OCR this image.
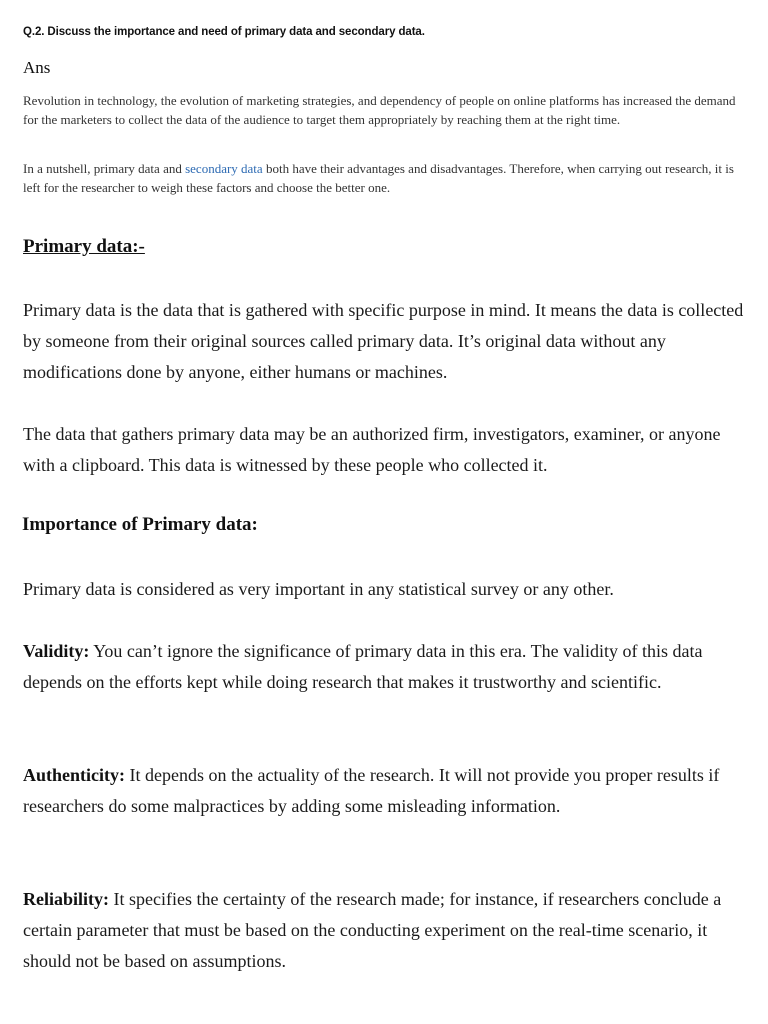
Q.2. Discuss the importance and need of primary data and secondary data.
Ans
Revolution in technology, the evolution of marketing strategies, and dependency of people on online platforms has increased the demand for the marketers to collect the data of the audience to target them appropriately by reaching them at the right time.
In a nutshell, primary data and secondary data both have their advantages and disadvantages. Therefore, when carrying out research, it is left for the researcher to weigh these factors and choose the better one.
Primary data:-
Primary data is the data that is gathered with specific purpose in mind. It means the data is collected by someone from their original sources called primary data. It’s original data without any modifications done by anyone, either humans or machines.
The data that gathers primary data may be an authorized firm, investigators, examiner, or anyone with a clipboard. This data is witnessed by these people who collected it.
Importance of Primary data:
Primary data is considered as very important in any statistical survey or any other.
Validity: You can’t ignore the significance of primary data in this era. The validity of this data depends on the efforts kept while doing research that makes it trustworthy and scientific.
Authenticity: It depends on the actuality of the research. It will not provide you proper results if researchers do some malpractices by adding some misleading information.
Reliability: It specifies the certainty of the research made; for instance, if researchers conclude a certain parameter that must be based on the conducting experiment on the real-time scenario, it should not be based on assumptions.
